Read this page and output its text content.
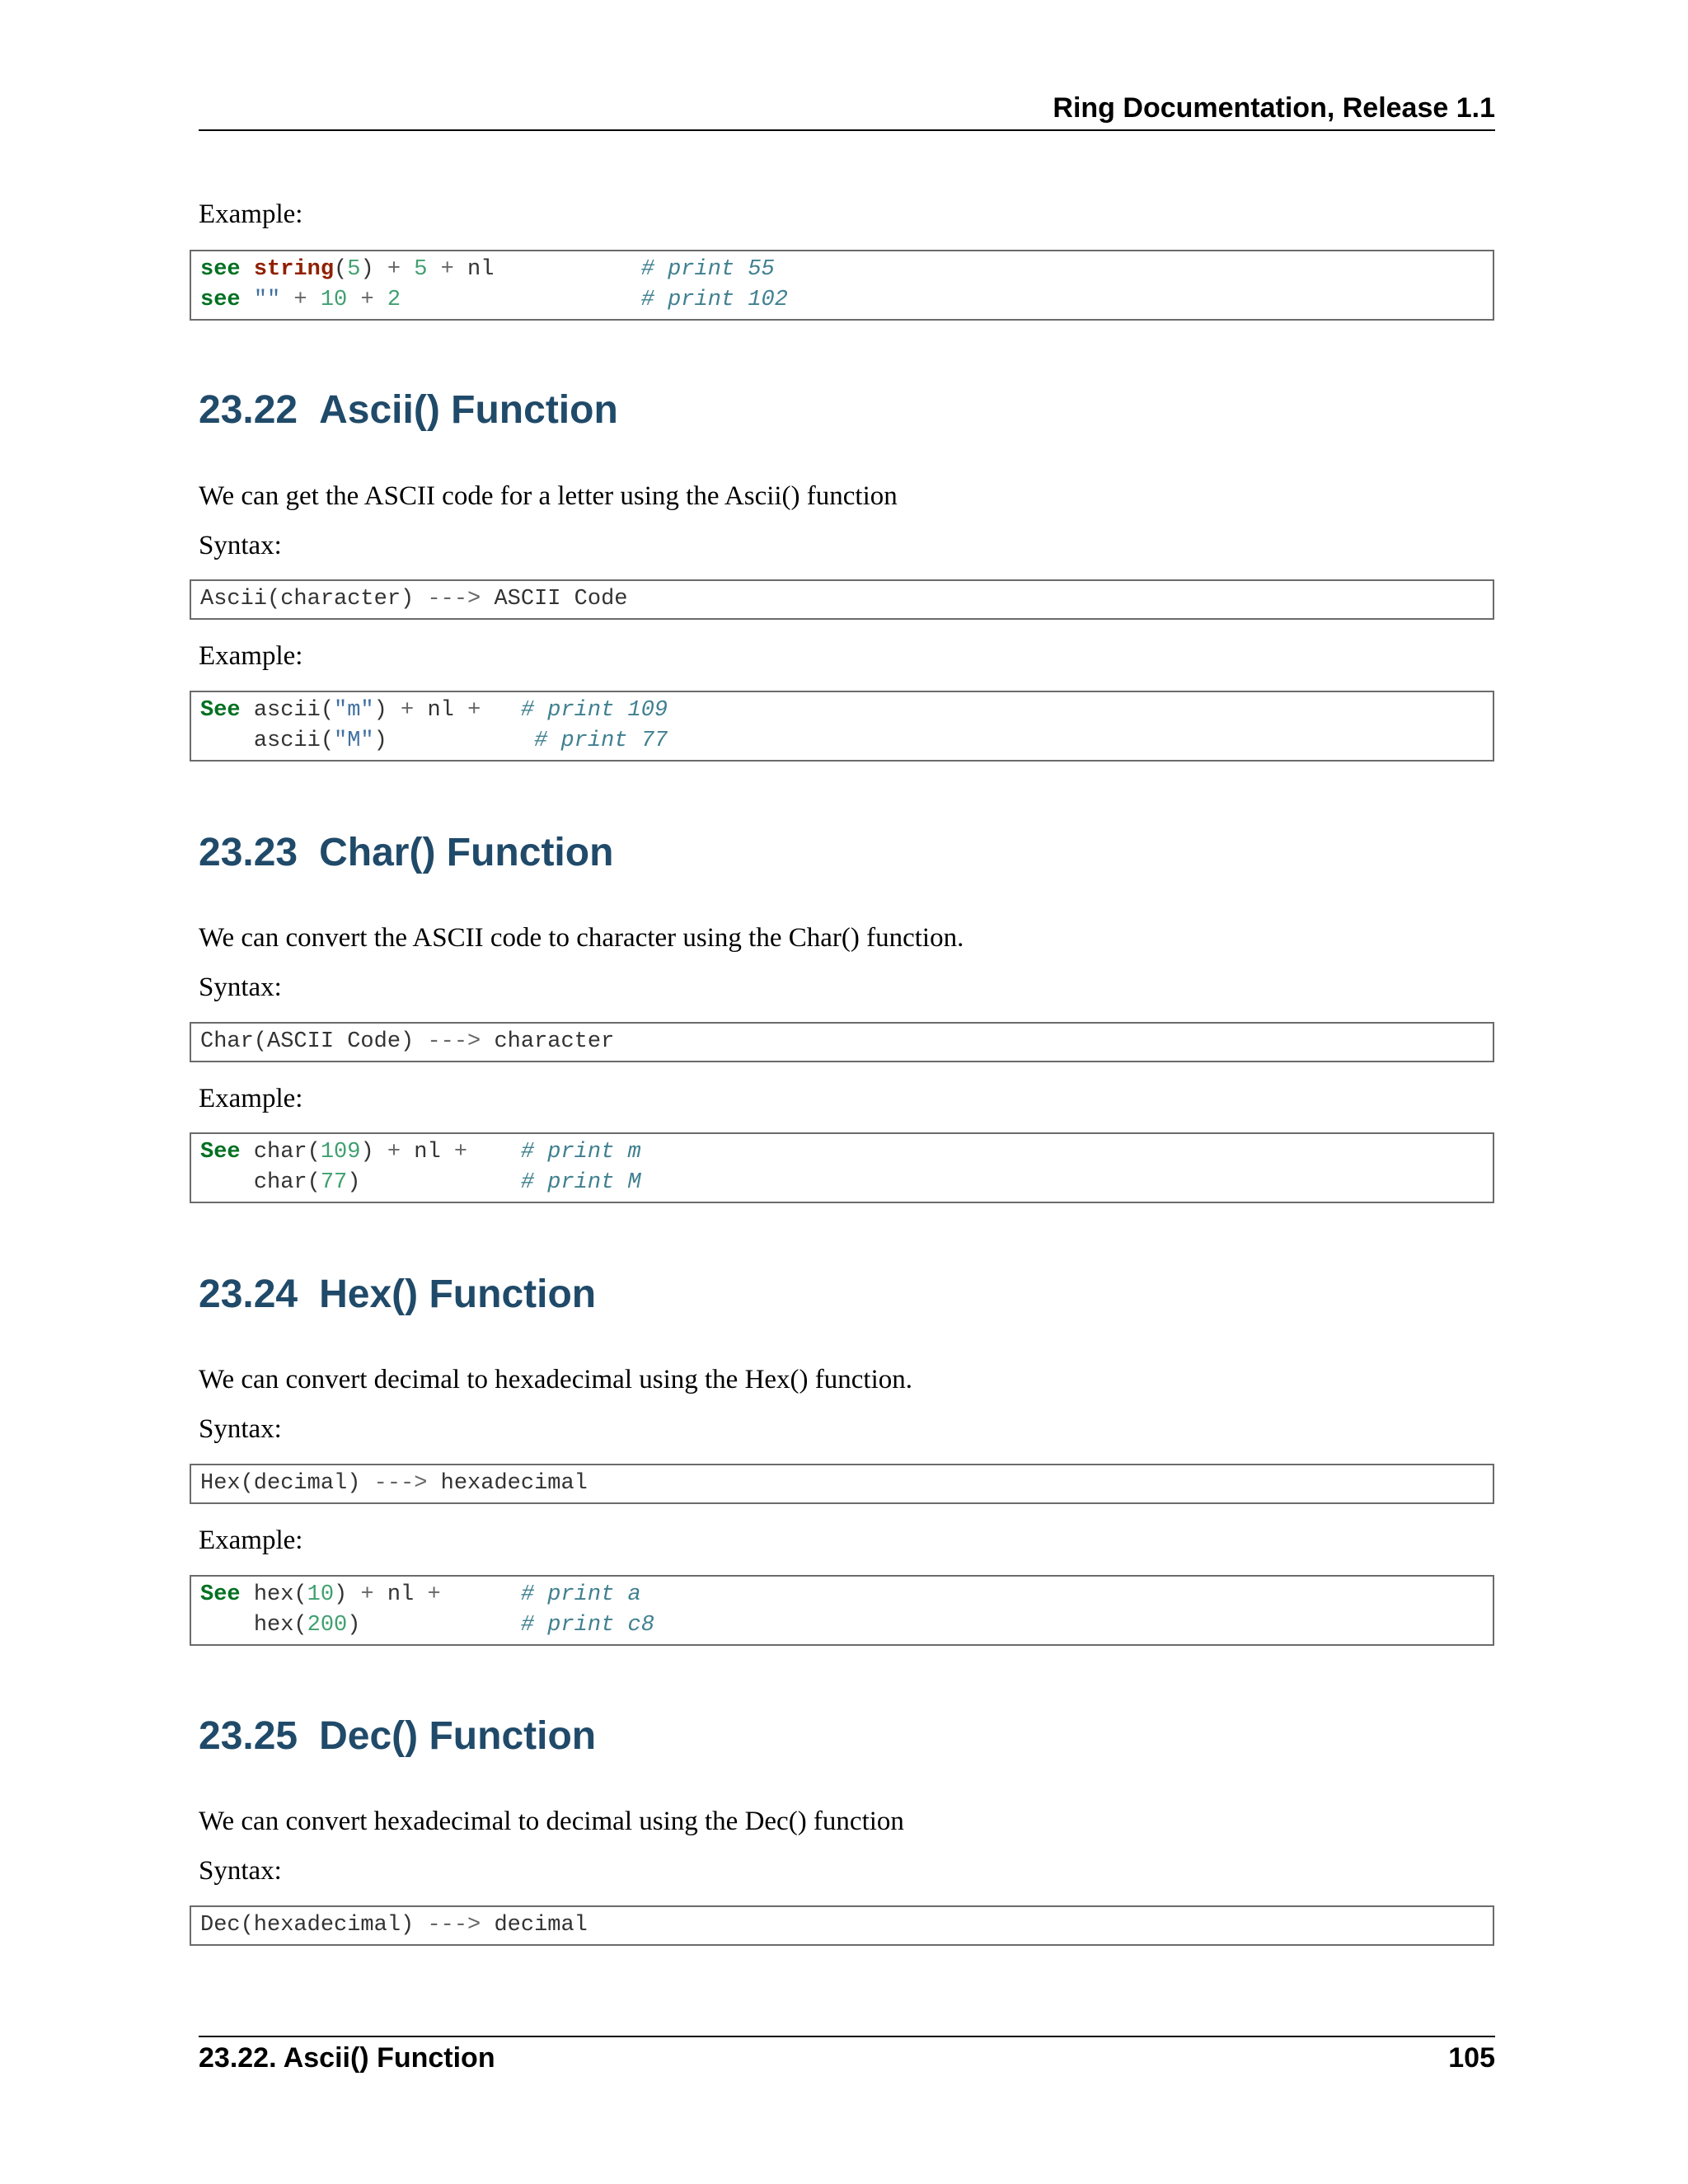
Ring Documentation, Release 1.1
Example:
see string(5) + 5 + nl	# print 55
see "" + 10 + 2	# print 102
23.22 Ascii() Function
We can get the ASCII code for a letter using the Ascii() function
Syntax:
Ascii(character) ---> ASCII Code
Example:
See ascii("m") + nl + # print 109
ascii("M")	# print 77
23.23 Char() Function
We can convert the ASCII code to character using the Char() function.
Syntax:
Char(ASCII Code) ---> character
Example:
See char(109) + nl + # print m
char(77)	# print M
23.24 Hex() Function
We can convert decimal to hexadecimal using the Hex() function.
Syntax:
Hex(decimal) ---> hexadecimal
Example:
See hex(10) + nl +	# print a
hex(200)	# print c8
23.25 Dec() Function
We can convert hexadecimal to decimal using the Dec() function
Syntax:
Dec(hexadecimal) ---> decimal
23.22. Ascii() Function	105
